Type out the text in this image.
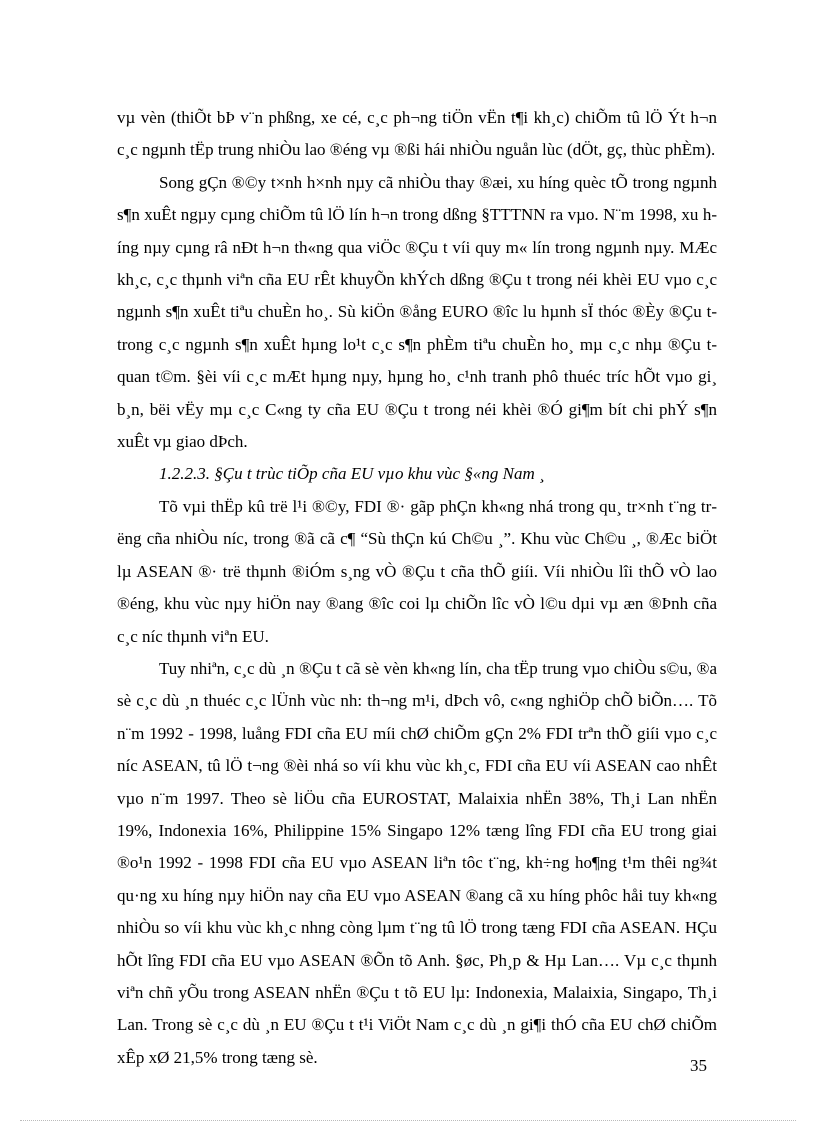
vµ vèn (thiÕt bÞ v¨n phßng, xe cé, c¸c ph¬ng tiÖn vËn t¶i kh¸c) chiÕm tû lÖ Ýt h¬n c¸c ngµnh tËp trung nhiÒu lao ®éng vµ ®ßi hái nhiÒu nguån lùc (dÖt, gç, thùc phÈm).

Song gÇn ®©y t×nh h×nh nµy cã nhiÒu thay ®æi, xu híng quèc tÕ trong ngµnh s¶n xuÊt ngµy cµng chiÕm tû lÖ lín h¬n trong dßng §TTTNN ra vµo. N¨m 1998, xu híng nµy cµng râ nÐt h¬n th«ng qua viÖc ®Çu t víi quy m« lín trong ngµnh nµy. MÆc kh¸c, c¸c thµnh viªn cña EU rÊt khuyÕn khÝch dßng ®Çu t trong néi khèi EU vµo c¸c ngµnh s¶n xuÊt tiªu chuÈn ho¸. Sù kiÖn ®ång EURO ®îc lu hµnh sÏ thóc ®Èy ®Çu t trong c¸c ngµnh s¶n xuÊt hµng lo¹t c¸c s¶n phÈm tiªu chuÈn ho¸ mµ c¸c nhµ ®Çu t quan t©m. §èi víi c¸c mÆt hµng nµy, hµng ho¸ c¹nh tranh phô thuéc tríc hÕt vµo gi¸ b¸n, bëi vËy mµ c¸c C«ng ty cña EU ®Çu t trong néi khèi ®Ó gi¶m bít chi phÝ s¶n xuÊt vµ giao dÞch.

1.2.2.3. §Çu t trùc tiÕp cña EU vµo khu vùc §«ng Nam ¸

Tõ vµi thËp kû trë l¹i ®©y, FDI ®· gãp phÇn kh«ng nhá trong qu¸ tr×nh t¨ng trëng cña nhiÒu níc, trong ®ã cã c¶ “Sù thÇn kú Ch©u ¸”. Khu vùc Ch©u ¸, ®Æc biÖt lµ ASEAN ®· trë thµnh ®iÓm s¸ng vÒ ®Çu t cña thÕ giíi. Víi nhiÒu lîi thÕ vÒ lao ®éng, khu vùc nµy hiÖn nay ®ang ®îc coi lµ chiÕn lîc vÒ l©u dµi vµ æn ®Þnh cña c¸c níc thµnh viªn EU.

Tuy nhiªn, c¸c dù ¸n ®Çu t cã sè vèn kh«ng lín, cha tËp trung vµo chiÒu s©u, ®a sè c¸c dù ¸n thuéc c¸c lÜnh vùc nh: th¬ng m¹i, dÞch vô, c«ng nghiÖp chÕ biÕn…. Tõ n¨m 1992 - 1998, luång FDI cña EU míi chØ chiÕm gÇn 2% FDI trªn thÕ giíi vµo c¸c níc ASEAN, tû lÖ t¬ng ®èi nhá so víi khu vùc kh¸c, FDI cña EU víi ASEAN cao nhÊt vµo n¨m 1997. Theo sè liÖu cña EUROSTAT, Malaixia nhËn 38%, Th¸i Lan nhËn 19%, Indonexia 16%, Philippine 15% Singapo 12% tæng lîng FDI cña EU trong giai ®o¹n 1992 - 1998 FDI cña EU vµo ASEAN liªn tôc t¨ng, kh÷ng ho¶ng t¹m thêi ng¾t qu·ng xu híng nµy hiÖn nay cña EU vµo ASEAN ®ang cã xu híng phôc håi tuy kh«ng nhiÒu so víi khu vùc kh¸c nhng còng lµm t¨ng tû lÖ trong tæng FDI cña ASEAN. HÇu hÕt lîng FDI cña EU vµo ASEAN ®Õn tõ Anh. §øc, Ph¸p & Hµ Lan…. Vµ c¸c thµnh viªn chñ yÕu trong ASEAN nhËn ®Çu t tõ EU lµ: Indonexia, Malaixia, Singapo, Th¸i Lan. Trong sè c¸c dù ¸n EU ®Çu t t¹i ViÖt Nam c¸c dù ¸n gi¶i thÓ cña EU chØ chiÕm xÊp xØ 21,5% trong tæng sè.	35
